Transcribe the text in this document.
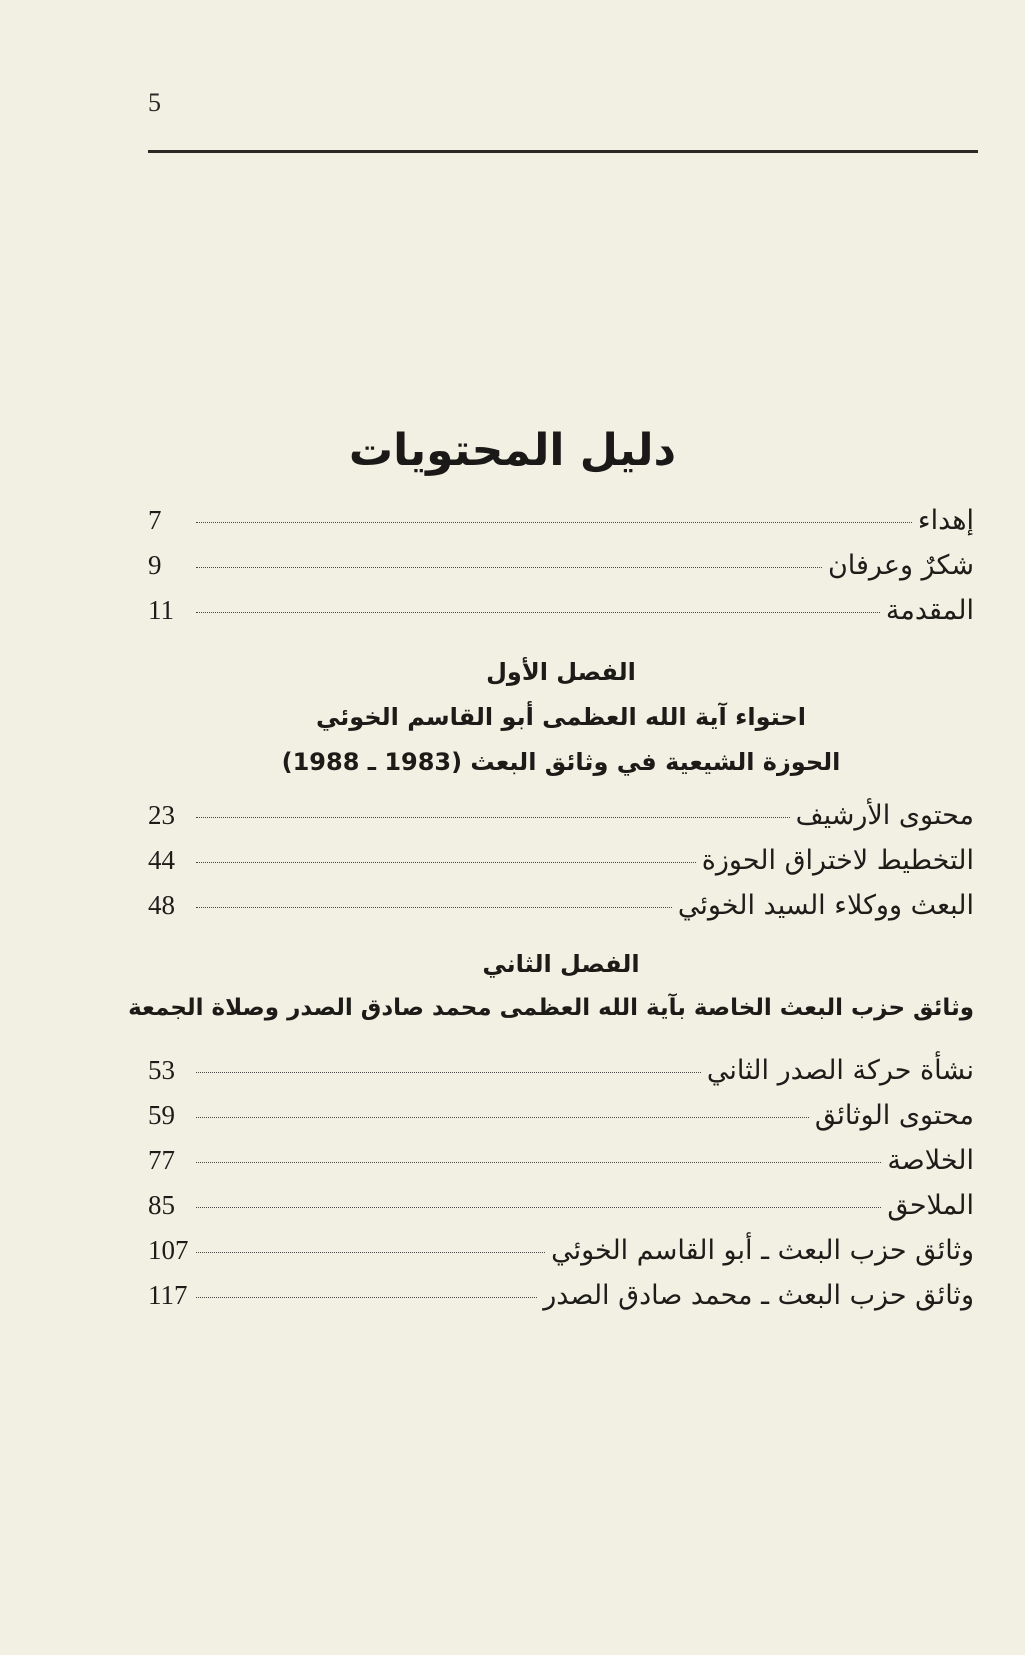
5
دليل المحتويات
إهداء
7
شكرٌ وعرفان
9
المقدمة
11
الفصل الأول
احتواء آية الله العظمى أبو القاسم الخوئي
الحوزة الشيعية في وثائق البعث (1983 ـ 1988)
محتوى الأرشيف
23
التخطيط لاختراق الحوزة
44
البعث ووكلاء السيد الخوئي
48
الفصل الثاني
وثائق حزب البعث الخاصة بآية الله العظمى محمد صادق الصدر وصلاة الجمعة
نشأة حركة الصدر الثاني
53
محتوى الوثائق
59
الخلاصة
77
الملاحق
85
وثائق حزب البعث ـ أبو القاسم الخوئي
107
وثائق حزب البعث ـ محمد صادق الصدر
117
